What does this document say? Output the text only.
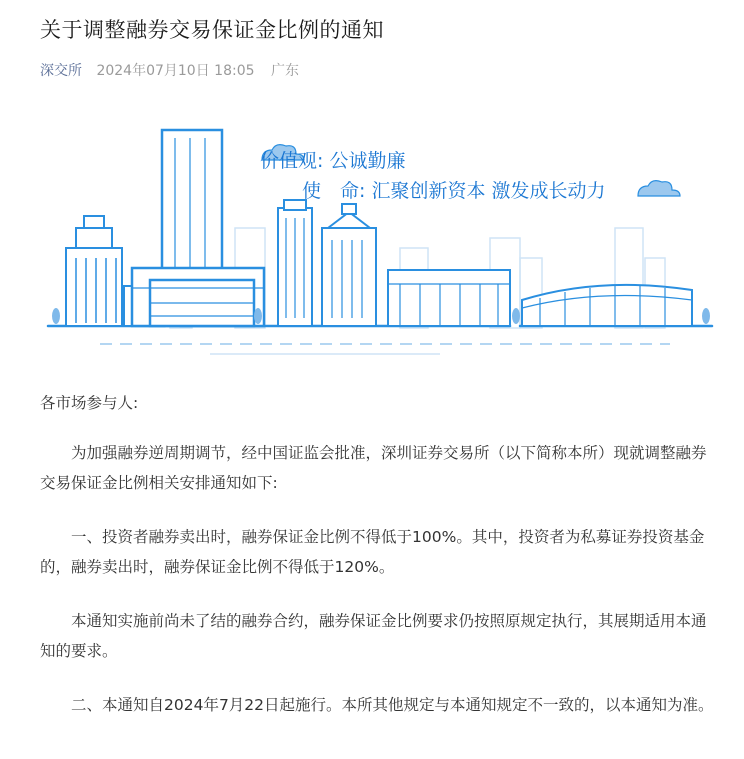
关于调整融券交易保证金比例的通知
深交所 2024年07月10日 18:05 广东
价值观: 公诚勤廉
使　命: 汇聚创新资本 激发成长动力

各市场参与人:

为加强融券逆周期调节，经中国证监会批准，深圳证券交易所（以下简称本所）现就调整融券交易保证金比例相关安排通知如下:

一、投资者融券卖出时，融券保证金比例不得低于100%。其中，投资者为私募证券投资基金的，融券卖出时，融券保证金比例不得低于120%。

本通知实施前尚未了结的融券合约，融券保证金比例要求仍按照原规定执行，其展期适用本通知的要求。

二、本通知自2024年7月22日起施行。本所其他规定与本通知规定不一致的，以本通知为准。
